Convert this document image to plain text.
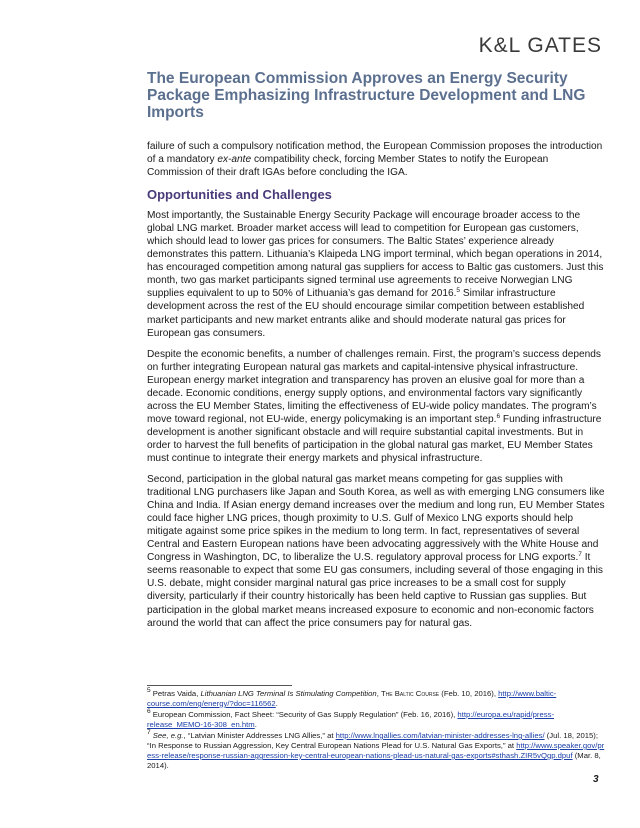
K&L GATES
The European Commission Approves an Energy Security Package Emphasizing Infrastructure Development and LNG Imports

failure of such a compulsory notification method, the European Commission proposes the introduction of a mandatory ex-ante compatibility check, forcing Member States to notify the European Commission of their draft IGAs before concluding the IGA.

Opportunities and Challenges

Most importantly, the Sustainable Energy Security Package will encourage broader access to the global LNG market. Broader market access will lead to competition for European gas customers, which should lead to lower gas prices for consumers. The Baltic States’ experience already demonstrates this pattern. Lithuania’s Klaipeda LNG import terminal, which began operations in 2014, has encouraged competition among natural gas suppliers for access to Baltic gas customers. Just this month, two gas market participants signed terminal use agreements to receive Norwegian LNG supplies equivalent to up to 50% of Lithuania’s gas demand for 2016.$^5$ Similar infrastructure development across the rest of the EU should encourage similar competition between established market participants and new market entrants alike and should moderate natural gas prices for European gas consumers.

Despite the economic benefits, a number of challenges remain. First, the program’s success depends on further integrating European natural gas markets and capital-intensive physical infrastructure. European energy market integration and transparency has proven an elusive goal for more than a decade. Economic conditions, energy supply options, and environmental factors vary significantly across the EU Member States, limiting the effectiveness of EU-wide policy mandates. The program’s move toward regional, not EU-wide, energy policymaking is an important step.$^6$ Funding infrastructure development is another significant obstacle and will require substantial capital investments. But in order to harvest the full benefits of participation in the global natural gas market, EU Member States must continue to integrate their energy markets and physical infrastructure.

Second, participation in the global natural gas market means competing for gas supplies with traditional LNG purchasers like Japan and South Korea, as well as with emerging LNG consumers like China and India. If Asian energy demand increases over the medium and long run, EU Member States could face higher LNG prices, though proximity to U.S. Gulf of Mexico LNG exports should help mitigate against some price spikes in the medium to long term. In fact, representatives of several Central and Eastern European nations have been advocating aggressively with the White House and Congress in Washington, DC, to liberalize the U.S. regulatory approval process for LNG exports.$^7$ It seems reasonable to expect that some EU gas consumers, including several of those engaging in this U.S. debate, might consider marginal natural gas price increases to be a small cost for supply diversity, particularly if their country historically has been held captive to Russian gas supplies. But participation in the global market means increased exposure to economic and non-economic factors around the world that can affect the price consumers pay for natural gas.

$^5$ Petras Vaida, Lithuanian LNG Terminal Is Stimulating Competition, The Baltic Course (Feb. 10, 2016), http://www.baltic-course.com/eng/energy/?doc=116562.
$^6$ European Commission, Fact Sheet: “Security of Gas Supply Regulation” (Feb. 16, 2016), http://europa.eu/rapid/press-release_MEMO-16-308_en.htm.
$^7$ See, e.g., “Latvian Minister Addresses LNG Allies,” at http://www.lngallies.com/latvian-minister-addresses-lng-allies/ (Jul. 18, 2015); “In Response to Russian Aggression, Key Central European Nations Plead for U.S. Natural Gas Exports,” at http://www.speaker.gov/press-release/response-russian-aggression-key-central-european-nations-plead-us-natural-gas-exports#sthash.ZIR5vQgp.dpuf (Mar. 8, 2014).
3
